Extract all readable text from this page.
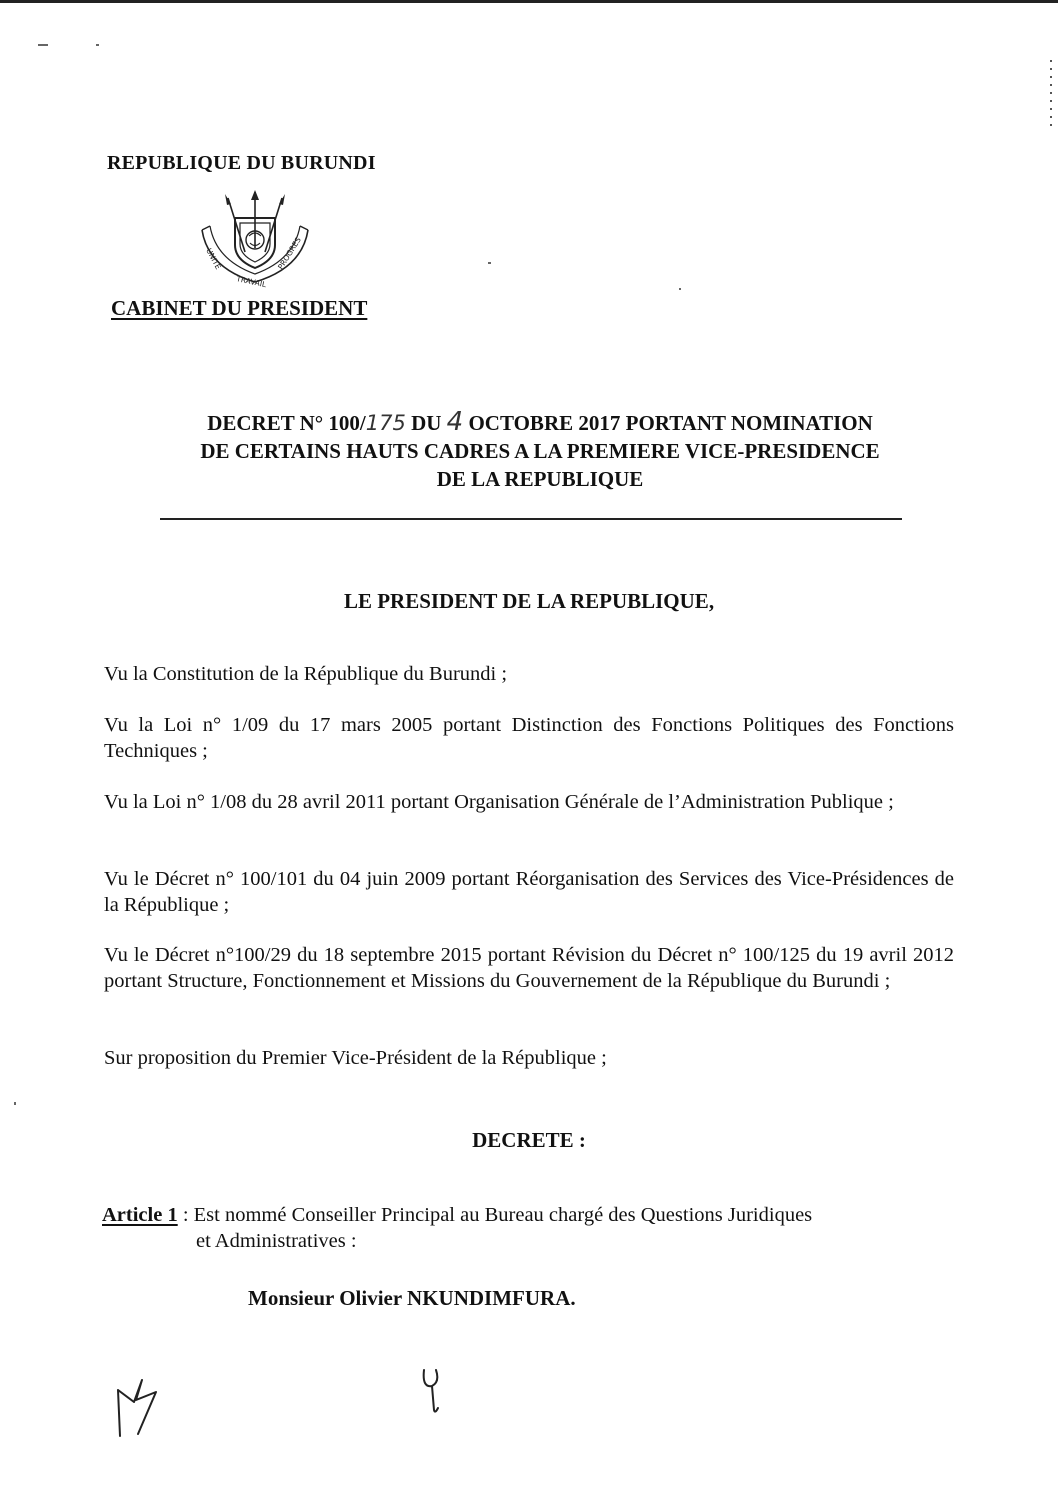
REPUBLIQUE DU BURUNDI
UNITE
TRAVAIL
PROGRES
CABINET DU PRESIDENT
DECRET N° 100/175 DU 4 OCTOBRE 2017 PORTANT NOMINATION
DE CERTAINS HAUTS CADRES A LA PREMIERE VICE-PRESIDENCE
DE LA REPUBLIQUE
LE PRESIDENT DE LA REPUBLIQUE,

Vu la Constitution de la République du Burundi ;

Vu la Loi n° 1/09 du 17 mars 2005 portant Distinction des Fonctions Politiques des Fonctions Techniques ;

Vu la Loi n° 1/08 du 28 avril 2011 portant Organisation Générale de l’Administration Publique ;

Vu le Décret n° 100/101 du 04 juin 2009 portant Réorganisation des Services des Vice-Présidences de la République ;

Vu le Décret n°100/29 du 18 septembre 2015 portant Révision du Décret n° 100/125 du 19 avril 2012 portant Structure, Fonctionnement et Missions du Gouvernement de la République du Burundi ;

Sur proposition du Premier Vice-Président de la République ;

DECRETE :
Article 1 : Est nommé Conseiller Principal au Bureau chargé des Questions Juridiques
et Administratives :
Monsieur Olivier NKUNDIMFURA.
